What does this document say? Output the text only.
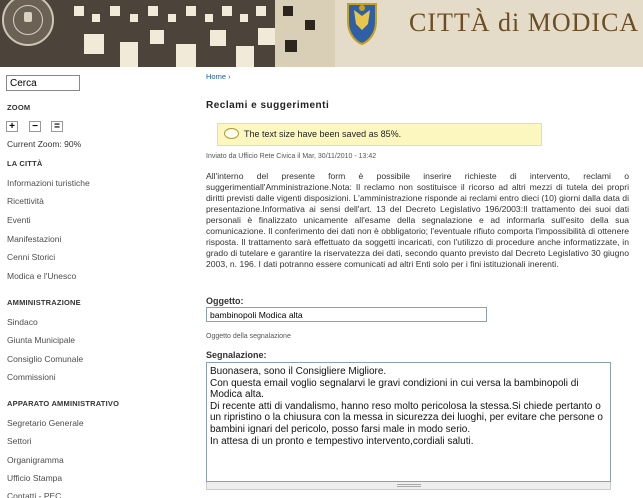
CITTÀ di MODICA
Cerca
ZOOM
+	−	=
Current Zoom: 90%
LA CITTÀ
Informazioni turistiche
Ricettività
Eventi
Manifestazioni
Cenni Storici
Modica e l'Unesco
AMMINISTRAZIONE
Sindaco
Giunta Municipale
Consiglio Comunale
Commissioni
APPARATO AMMINISTRATIVO
Segretario Generale
Settori
Organigramma
Ufficio Stampa
Contatti - PEC
Home ›
Reclami e suggerimenti
The text size have been saved as 85%.
Inviato da Ufficio Rete Civica il Mar, 30/11/2010 - 13:42
All'interno del presente form è possibile inserire richieste di intervento, reclami o suggerimentiall'Amministrazione.Nota: Il reclamo non sostituisce il ricorso ad altri mezzi di tutela dei propri diritti previsti dalle vigenti disposizioni. L'amministrazione risponde ai reclami entro dieci (10) giorni dalla data di presentazione.Informativa ai sensi dell'art. 13 del Decreto Legislativo 196/2003:Il trattamento dei suoi dati personali è finalizzato unicamente all'esame della segnalazione e ad informarla sull'esito della sua comunicazione. Il conferimento dei dati non è obbligatorio; l'eventuale rifiuto comporta l'impossibilità di ottenere risposta. Il trattamento sarà effettuato da soggetti incaricati, con l'utilizzo di procedure anche informatizzate, in grado di tutelare e garantire la riservatezza dei dati, secondo quanto previsto dal Decreto Legislativo 30 giugno 2003, n. 196. I dati potranno essere comunicati ad altri Enti solo per i fini istituzionali inerenti.
Oggetto:
bambinopoli Modica alta
Oggetto della segnalazione
Segnalazione:

Buonasera, sono il Consigliere Migliore.

Con questa email voglio segnalarvi le gravi condizioni in cui versa la bambinopoli di Modica alta.

Di recente atti di vandalismo, hanno reso molto pericolosa la stessa.Si chiede pertanto o un ripristino o la chiusura con la messa in sicurezza dei luoghi, per evitare che persone o bambini ignari del pericolo, posso farsi male in modo serio.

In attesa di un pronto e tempestivo intervento,cordiali saluti.
